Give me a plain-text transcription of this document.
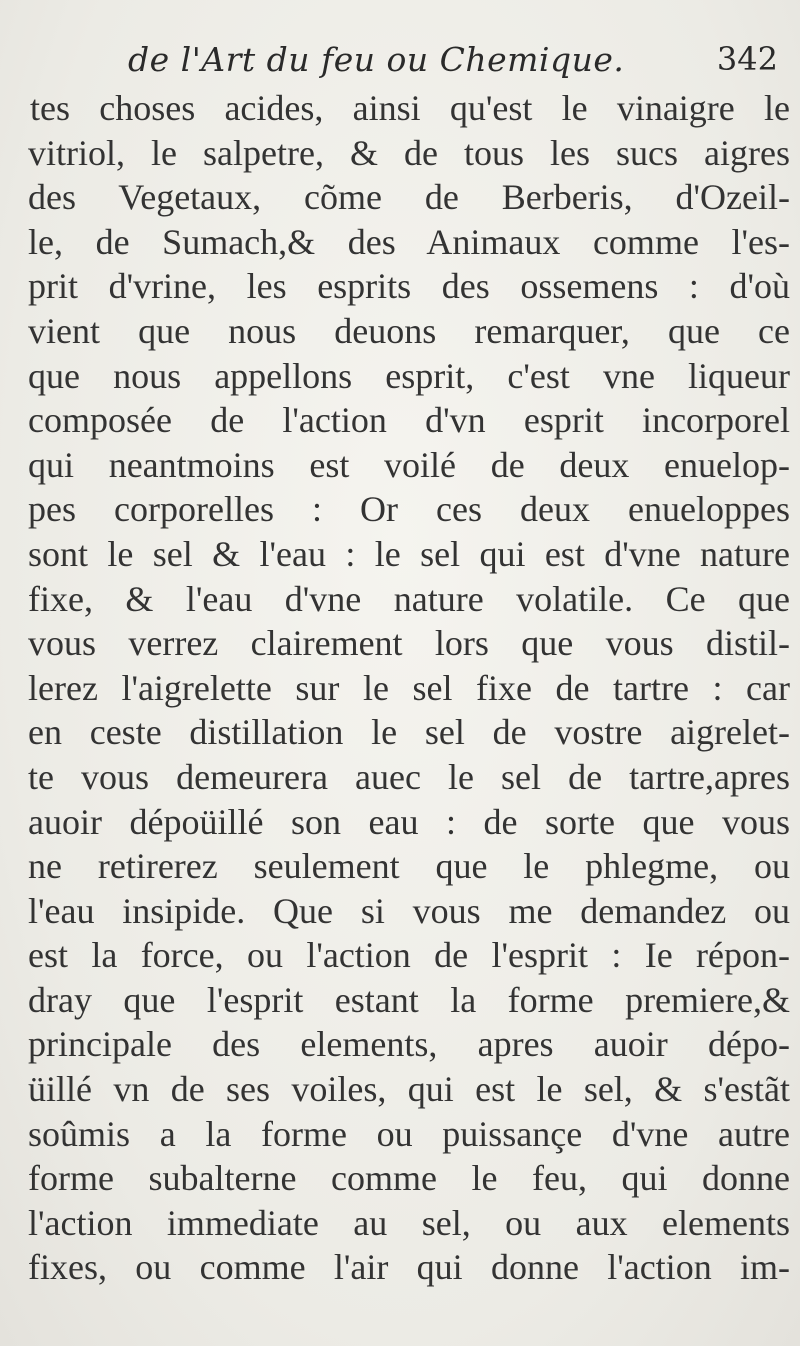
de l'Art du feu ou Chemique.	342
tes choses acides, ainsi qu'est le vinaigre le
vitriol, le salpetre, & de tous les sucs aigres
des Vegetaux, cõme de Berberis, d'Ozeil-
le, de Sumach,& des Animaux comme l'es-
prit d'vrine, les esprits des ossemens : d'où
vient que nous deuons remarquer, que ce
que nous appellons esprit, c'est vne liqueur
composée de l'action d'vn esprit incorporel
qui neantmoins est voilé de deux enuelop-
pes corporelles : Or ces deux enueloppes
sont le sel & l'eau : le sel qui est d'vne nature
fixe, & l'eau d'vne nature volatile. Ce que
vous verrez clairement lors que vous distil-
lerez l'aigrelette sur le sel fixe de tartre : car
en ceste distillation le sel de vostre aigrelet-
te vous demeurera auec le sel de tartre,apres
auoir dépoüillé son eau : de sorte que vous
ne retirerez seulement que le phlegme, ou
l'eau insipide. Que si vous me demandez ou
est la force, ou l'action de l'esprit : Ie répon-
dray que l'esprit estant la forme premiere,&
principale des elements, apres auoir dépo-
üillé vn de ses voiles, qui est le sel, & s'estãt
soûmis a la forme ou puissançe d'vne autre
forme subalterne comme le feu, qui donne
l'action immediate au sel, ou aux elements
fixes, ou comme l'air qui donne l'action im-
